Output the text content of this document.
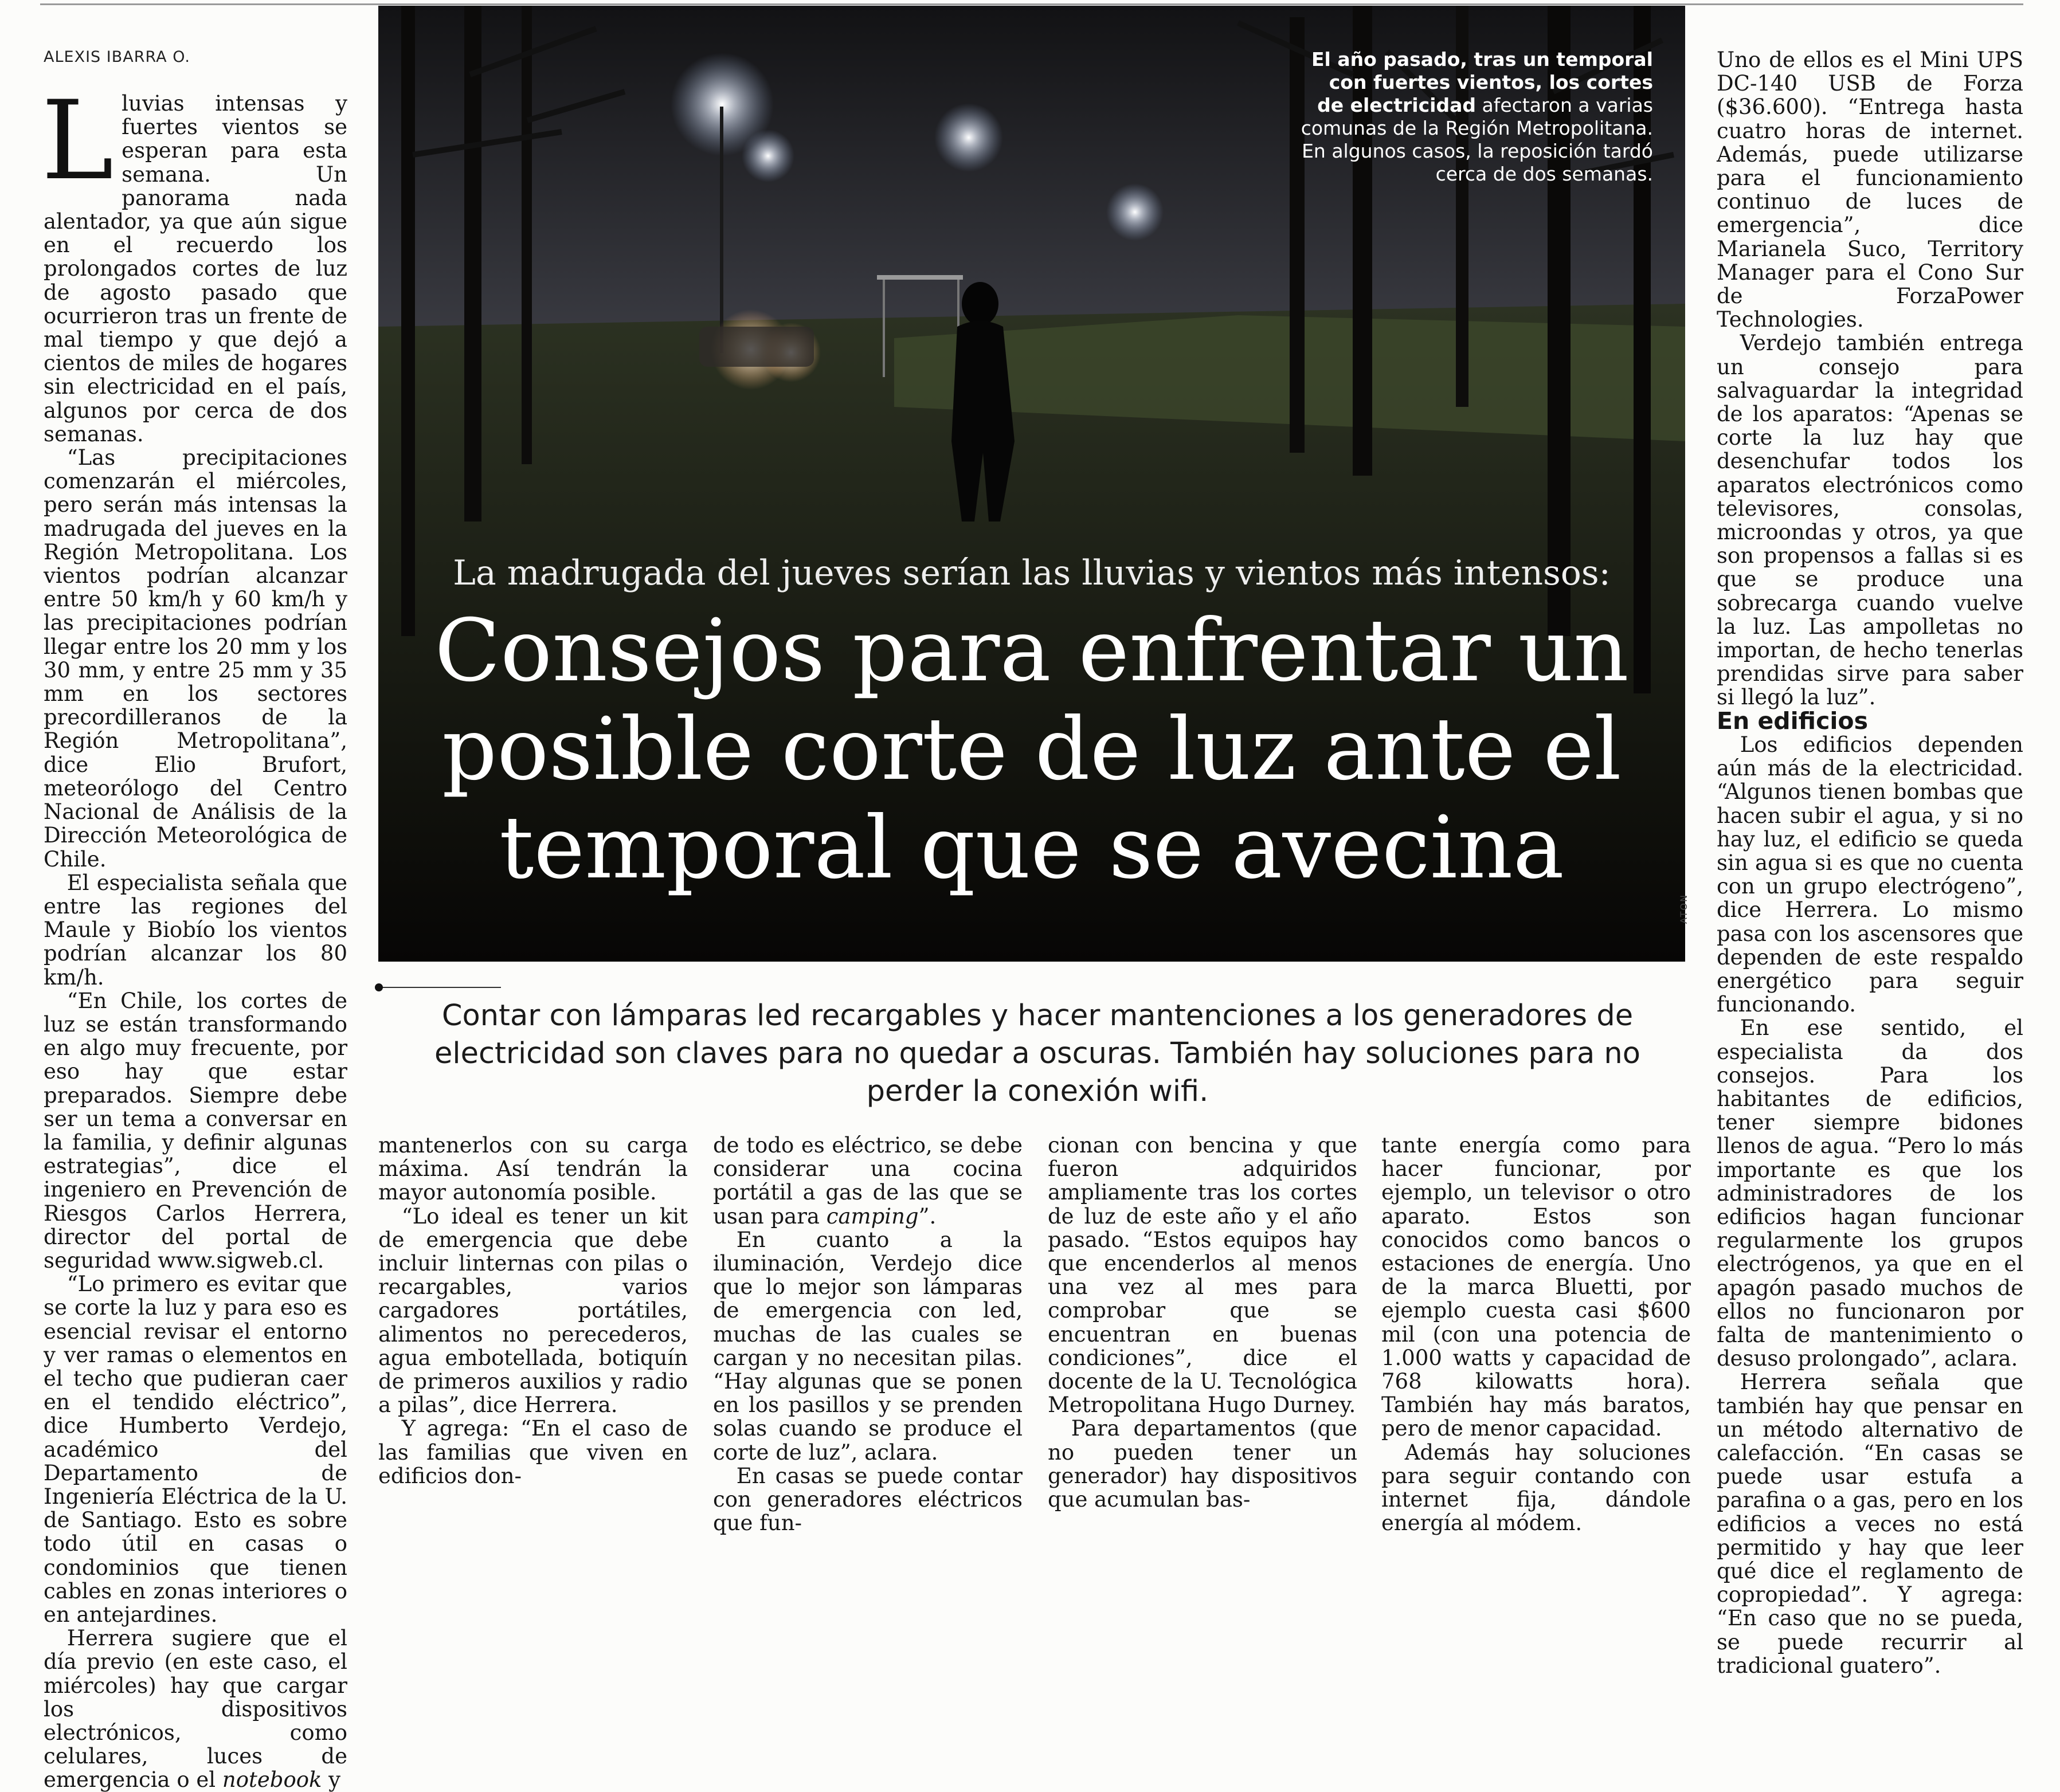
ALEXIS IBARRA O.

Lluvias intensas y fuertes vientos se esperan para esta semana. Un panorama nada alentador, ya que aún sigue en el recuerdo los prolongados cortes de luz de agosto pasado que ocurrieron tras un frente de mal tiempo y que dejó a cientos de miles de hogares sin electricidad en el país, algunos por cerca de dos semanas.

“Las precipitaciones comenzarán el miércoles, pero serán más intensas la madrugada del jueves en la Región Metropolitana. Los vientos podrían alcanzar entre 50 km/h y 60 km/h y las precipitaciones podrían llegar entre los 20 mm y los 30 mm, y entre 25 mm y 35 mm en los sectores precordilleranos de la Región Metropolitana”, dice Elio Brufort, meteorólogo del Centro Nacional de Análisis de la Dirección Meteorológica de Chile.

El especialista señala que entre las regiones del Maule y Biobío los vientos podrían alcanzar los 80 km/h.

“En Chile, los cortes de luz se están transformando en algo muy frecuente, por eso hay que estar preparados. Siempre debe ser un tema a conversar en la familia, y definir algunas estrategias”, dice el ingeniero en Prevención de Riesgos Carlos Herrera, director del portal de seguridad www.sigweb.cl.

“Lo primero es evitar que se corte la luz y para eso es esencial revisar el entorno y ver ramas o elementos en el techo que pudieran caer en el tendido eléctrico”, dice Humberto Verdejo, académico del Departamento de Ingeniería Eléctrica de la U. de Santiago. Esto es sobre todo útil en casas o condominios que tienen cables en zonas interiores o en antejardines.

Herrera sugiere que el día previo (en este caso, el miércoles) hay que cargar los dispositivos electrónicos, como celulares, luces de emergencia o el notebook y

El año pasado, tras un temporal con fuertes vientos, los cortes de electricidad afectaron a varias comunas de la Región Metropolitana. En algunos casos, la reposición tardó cerca de dos semanas.
La madrugada del jueves serían las lluvias y vientos más intensos:
Consejos para enfrentar un posible corte de luz ante el temporal que se avecina
ATON
Contar con lámparas led recargables y hacer mantenciones a los generadores de electricidad son claves para no quedar a oscuras. También hay soluciones para no perder la conexión wifi.

mantenerlos con su carga máxima. Así tendrán la mayor autonomía posible.

“Lo ideal es tener un kit de emergencia que debe incluir linternas con pilas o recargables, varios cargadores portátiles, alimentos no perecederos, agua embotellada, botiquín de primeros auxilios y radio a pilas”, dice Herrera.

Y agrega: “En el caso de las familias que viven en edificios don-

de todo es eléctrico, se debe considerar una cocina portátil a gas de las que se usan para camping”.

En cuanto a la iluminación, Verdejo dice que lo mejor son lámparas de emergencia con led, muchas de las cuales se cargan y no necesitan pilas. “Hay algunas que se ponen en los pasillos y se prenden solas cuando se produce el corte de luz”, aclara.

En casas se puede contar con generadores eléctricos que fun-

cionan con bencina y que fueron adquiridos ampliamente tras los cortes de luz de este año y el año pasado. “Estos equipos hay que encenderlos al menos una vez al mes para comprobar que se encuentran en buenas condiciones”, dice el docente de la U. Tecnológica Metropolitana Hugo Durney.

Para departamentos (que no pueden tener un generador) hay dispositivos que acumulan bas-

tante energía como para hacer funcionar, por ejemplo, un televisor o otro aparato. Estos son conocidos como bancos o estaciones de energía. Uno de la marca Bluetti, por ejemplo cuesta casi $600 mil (con una potencia de 1.000 watts y capacidad de 768 kilowatts hora). También hay más baratos, pero de menor capacidad.

Además hay soluciones para seguir contando con internet fija, dándole energía al módem.

Uno de ellos es el Mini UPS DC-140 USB de Forza ($36.600). “Entrega hasta cuatro horas de internet. Además, puede utilizarse para el funcionamiento continuo de luces de emergencia”, dice Marianela Suco, Territory Manager para el Cono Sur de ForzaPower Technologies.

Verdejo también entrega un consejo para salvaguardar la integridad de los aparatos: “Apenas se corte la luz hay que desenchufar todos los aparatos electrónicos como televisores, consolas, microondas y otros, ya que son propensos a fallas si es que se produce una sobrecarga cuando vuelve la luz. Las ampolletas no importan, de hecho tenerlas prendidas sirve para saber si llegó la luz”.

En edificios

Los edificios dependen aún más de la electricidad. “Algunos tienen bombas que hacen subir el agua, y si no hay luz, el edificio se queda sin agua si es que no cuenta con un grupo electrógeno”, dice Herrera. Lo mismo pasa con los ascensores que dependen de este respaldo energético para seguir funcionando.

En ese sentido, el especialista da dos consejos. Para los habitantes de edificios, tener siempre bidones llenos de agua. “Pero lo más importante es que los administradores de los edificios hagan funcionar regularmente los grupos electrógenos, ya que en el apagón pasado muchos de ellos no funcionaron por falta de mantenimiento o desuso prolongado”, aclara.

Herrera señala que también hay que pensar en un método alternativo de calefacción. “En casas se puede usar estufa a parafina o a gas, pero en los edificios a veces no está permitido y hay que leer qué dice el reglamento de copropiedad”. Y agrega: “En caso que no se pueda, se puede recurrir al tradicional guatero”.
